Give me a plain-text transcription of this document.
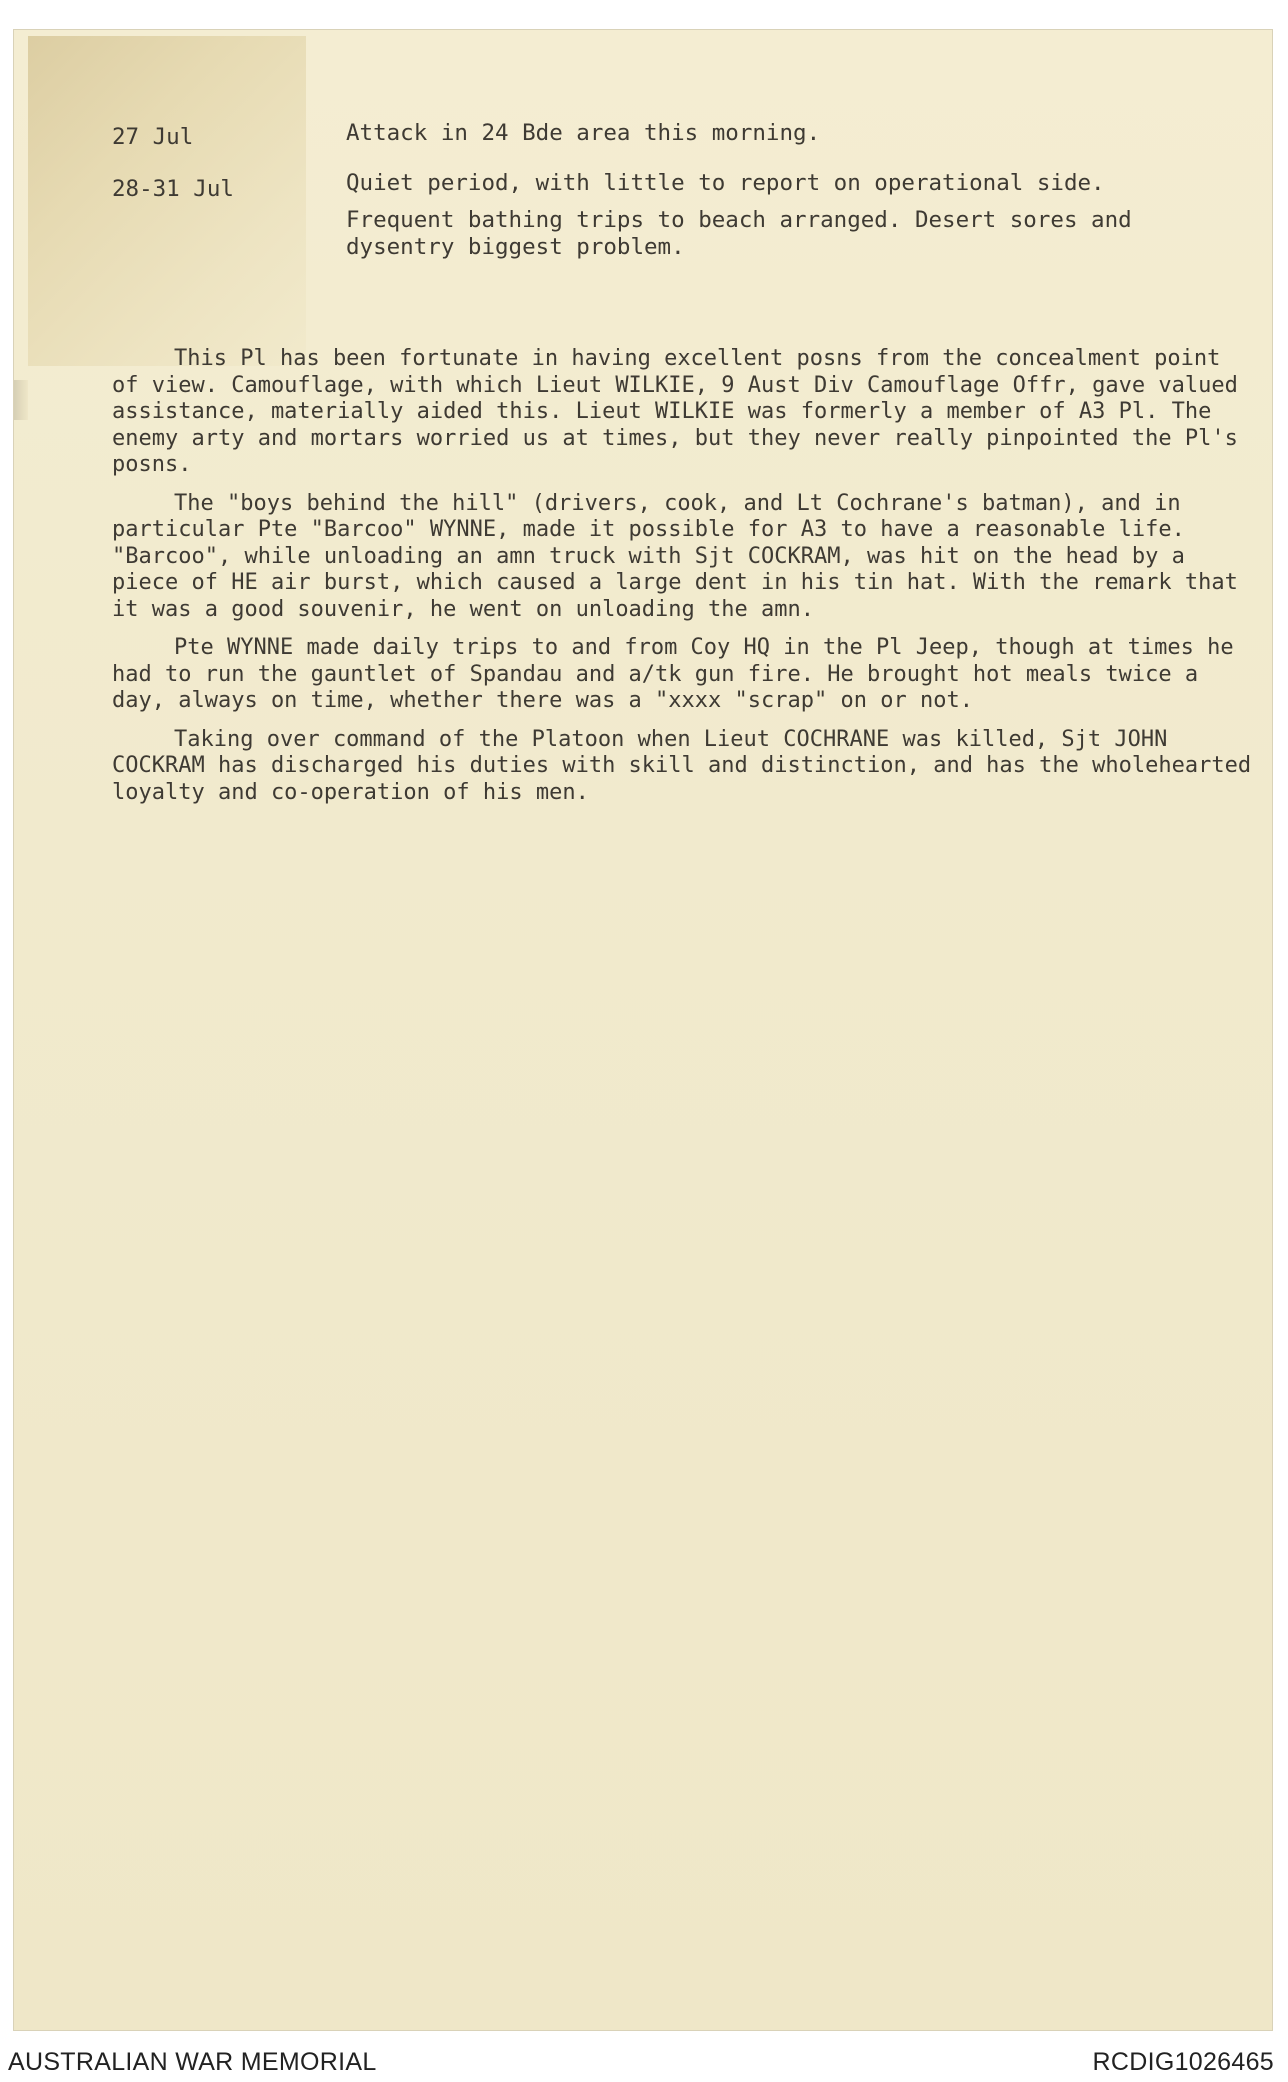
27 Jul	Attack in 24 Bde area this morning.

28-31 Jul	Quiet period, with little to report on operational side.

Frequent bathing trips to beach arranged. Desert sores and dysentry biggest problem.

This Pl has been fortunate in having excellent posns from the concealment point of view. Camouflage, with which Lieut WILKIE, 9 Aust Div Camouflage Offr, gave valued assistance, materially aided this. Lieut WILKIE was formerly a member of A3 Pl. The enemy arty and mortars worried us at times, but they never really pinpointed the Pl's posns.

The "boys behind the hill" (drivers, cook, and Lt Cochrane's batman), and in particular Pte "Barcoo" WYNNE, made it possible for A3 to have a reasonable life. "Barcoo", while unloading an amn truck with Sjt COCKRAM, was hit on the head by a piece of HE air burst, which caused a large dent in his tin hat. With the remark that it was a good souvenir, he went on unloading the amn.

Pte WYNNE made daily trips to and from Coy HQ in the Pl Jeep, though at times he had to run the gauntlet of Spandau and a/tk gun fire. He brought hot meals twice a day, always on time, whether there was a "xxxx "scrap" on or not.

Taking over command of the Platoon when Lieut COCHRANE was killed, Sjt JOHN COCKRAM has discharged his duties with skill and distinction, and has the wholehearted loyalty and co-operation of his men.

AUSTRALIAN WAR MEMORIAL	RCDIG1026465
